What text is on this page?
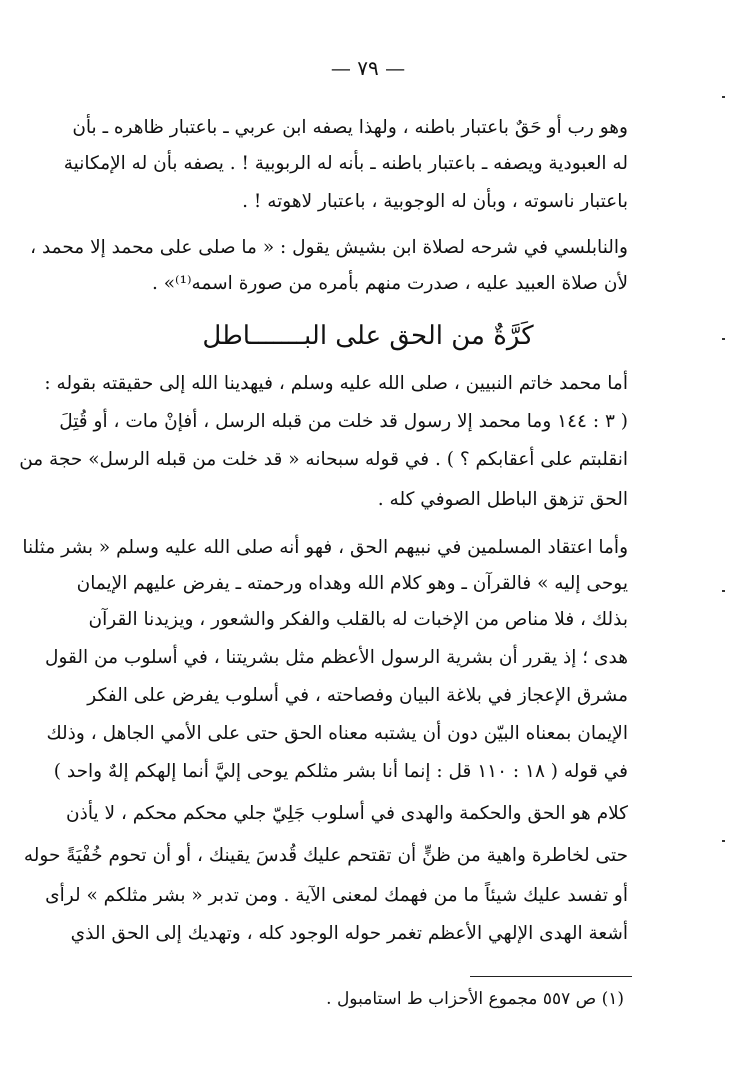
— ٧٩ —
وهو رب أو حَقٌ باعتبار باطنه ، ولهذا يصفه ابن عربي ـ باعتبار ظاهره ـ بأن
له العبودية ويصفه ـ باعتبار باطنه ـ بأنه له الربوبية ! . يصفه بأن له الإمكانية
باعتبار ناسوته ، وبأن له الوجوبية ، باعتبار لاهوته ! .
والنابلسي في شرحه لصلاة ابن بشيش يقول : « ما صلى على محمد إلا محمد ،
لأن صلاة العبيد عليه ، صدرت منهم بأمره من صورة اسمه⁽¹⁾» .
كَرَّةٌ من الحق على البـــــــاطل
أما محمد خاتم النبيين ، صلى الله عليه وسلم ، فيهدينا الله إلى حقيقته بقوله :
( ٣ : ١٤٤ وما محمد إلا رسول قد خلت من قبله الرسل ، أفإنْ مات ، أو قُتِلَ
انقلبتم على أعقابكم ؟ ) . في قوله سبحانه « قد خلت من قبله الرسل» حجة من
الحق تزهق الباطل الصوفي كله .
وأما اعتقاد المسلمين في نبيهم الحق ، فهو أنه صلى الله عليه وسلم « بشر مثلنا
يوحى إليه » فالقرآن ـ وهو كلام الله وهداه ورحمته ـ يفرض عليهم الإيمان
بذلك ، فلا مناص من الإخبات له بالقلب والفكر والشعور ، ويزيدنا القرآن
هدى ؛ إذ يقرر أن بشرية الرسول الأعظم مثل بشريتنا ، في أسلوب من القول
مشرق الإعجاز في بلاغة البيان وفصاحته ، في أسلوب يفرض على الفكر
الإيمان بمعناه البيّن دون أن يشتبه معناه الحق حتى على الأمي الجاهل ، وذلك
في قوله ( ١٨ : ١١٠ قل : إنما أنا بشر مثلكم يوحى إليَّ أنما إلهكم إلهٌ واحد )
كلام هو الحق والحكمة والهدى في أسلوب جَلِيّ جلي محكم محكم ، لا يأذن
حتى لخاطرة واهية من ظنٍّ أن تقتحم عليك قُدسَ يقينك ، أو أن تحوم خُفْيَةً حوله
أو تفسد عليك شيئاً ما من فهمك لمعنى الآية . ومن تدبر « بشر مثلكم » لرأى
أشعة الهدى الإلهي الأعظم تغمر حوله الوجود كله ، وتهديك إلى الحق الذي
(١) ص ٥٥٧ مجموع الأحزاب ط استامبول .
